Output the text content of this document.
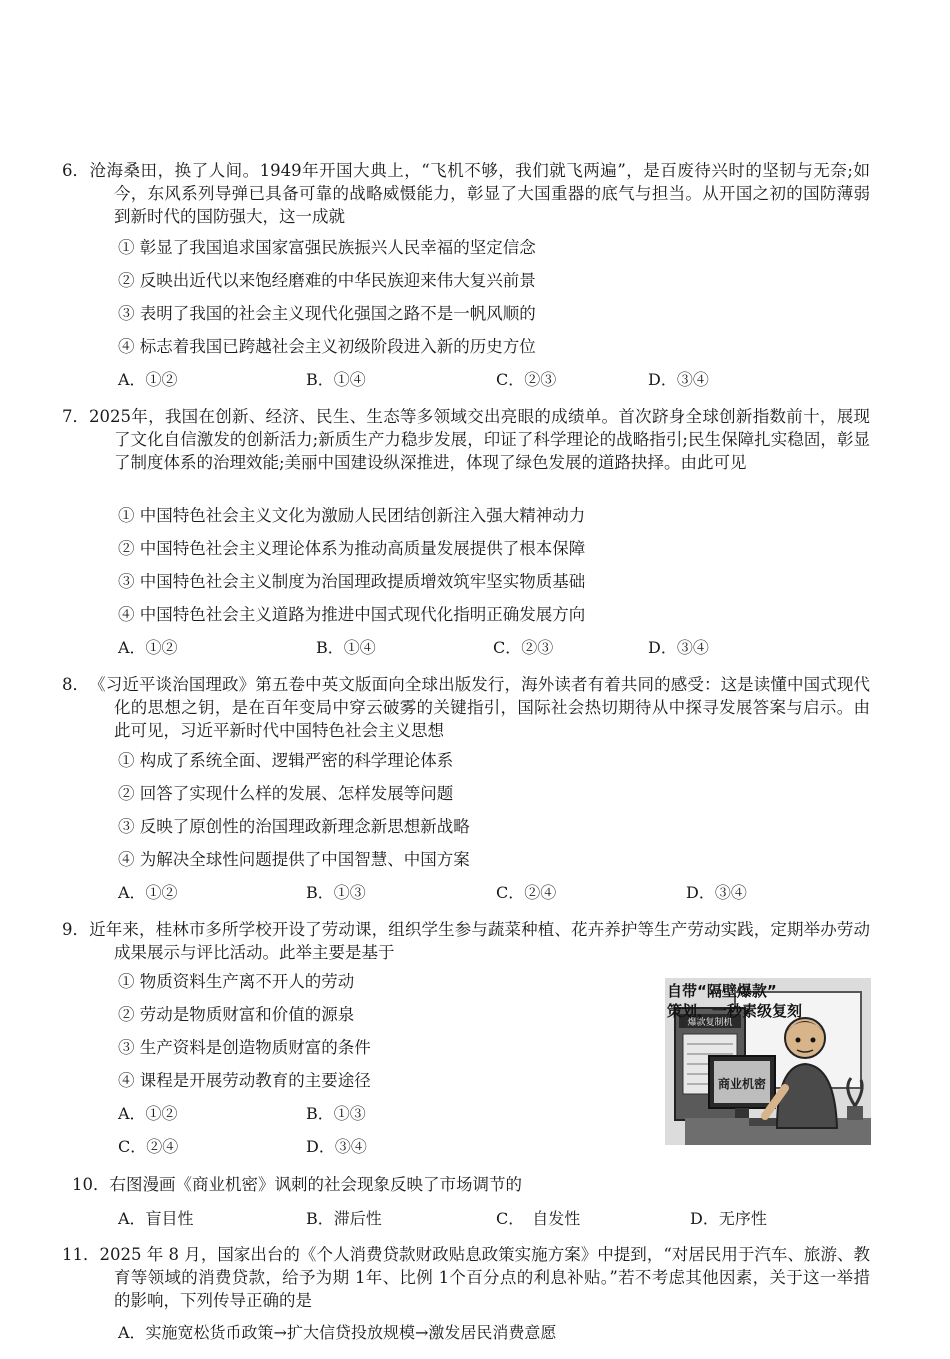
6．沧海桑田，换了人间。1949年开国大典上，“飞机不够，我们就飞两遍”，是百废待兴时的坚韧与无奈;如今，东风系列导弹已具备可靠的战略威慑能力，彰显了大国重器的底气与担当。从开国之初的国防薄弱到新时代的国防强大，这一成就
① 彰显了我国追求国家富强民族振兴人民幸福的坚定信念
② 反映出近代以来饱经磨难的中华民族迎来伟大复兴前景
③ 表明了我国的社会主义现代化强国之路不是一帆风顺的
④ 标志着我国已跨越社会主义初级阶段进入新的历史方位
A．①②	B．①④	C．②③	D．③④
7．2025年，我国在创新、经济、民生、生态等多领域交出亮眼的成绩单。首次跻身全球创新指数前十，展现了文化自信激发的创新活力;新质生产力稳步发展，印证了科学理论的战略指引;民生保障扎实稳固，彰显了制度体系的治理效能;美丽中国建设纵深推进，体现了绿色发展的道路抉择。由此可见
① 中国特色社会主义文化为激励人民团结创新注入强大精神动力
② 中国特色社会主义理论体系为推动高质量发展提供了根本保障
③ 中国特色社会主义制度为治国理政提质增效筑牢坚实物质基础
④ 中国特色社会主义道路为推进中国式现代化指明正确发展方向
A．①②	B．①④	C．②③	D．③④
8．《习近平谈治国理政》第五卷中英文版面向全球出版发行，海外读者有着共同的感受：这是读懂中国式现代化的思想之钥，是在百年变局中穿云破雾的关键指引，国际社会热切期待从中探寻发展答案与启示。由此可见，习近平新时代中国特色社会主义思想
① 构成了系统全面、逻辑严密的科学理论体系
② 回答了实现什么样的发展、怎样发展等问题
③ 反映了原创性的治国理政新理念新思想新战略
④ 为解决全球性问题提供了中国智慧、中国方案
A．①②	B．①③	C．②④	D．③④
9．近年来，桂林市多所学校开设了劳动课，组织学生参与蔬菜种植、花卉养护等生产劳动实践，定期举办劳动成果展示与评比活动。此举主要是基于
① 物质资料生产离不开人的劳动
② 劳动是物质财富和价值的源泉
③ 生产资料是创造物质财富的条件
④ 课程是开展劳动教育的主要途径
A．①②	B．①③
C．②④	D．③④
爆款复制机
商业机密
自带“隔壁爆款”
策划，一秒素级复刻
10．右图漫画《商业机密》讽刺的社会现象反映了市场调节的
A．盲目性	B．滞后性	C．　自发性	D．无序性
11．2025 年 8 月，国家出台的《个人消费贷款财政贴息政策实施方案》中提到，“对居民用于汽车、旅游、教育等领域的消费贷款，给予为期 1年、比例 1个百分点的利息补贴。”若不考虑其他因素，关于这一举措的影响，下列传导正确的是
A．实施宽松货币政策→扩大信贷投放规模→激发居民消费意愿
